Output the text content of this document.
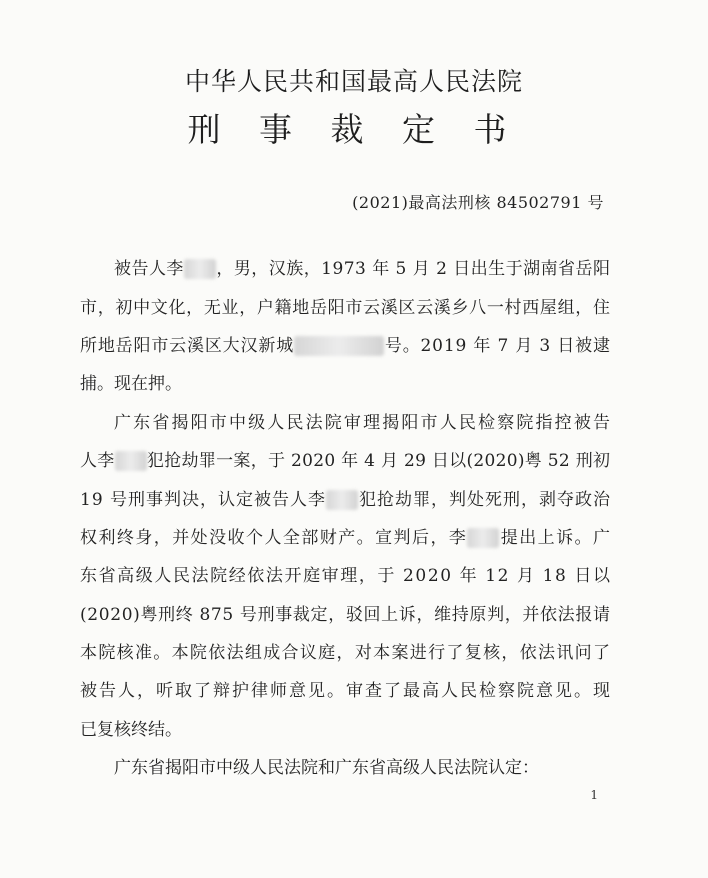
中华人民共和国最高人民法院
刑 事 裁 定 书
(2021)最高法刑核 84502791 号
被告人李 ，男，汉族，1973 年 5 月 2 日出生于湖南省岳阳
市，初中文化，无业，户籍地岳阳市云溪区云溪乡八一村西屋组，住
所地岳阳市云溪区大汉新城	号。2019 年 7 月 3 日被逮
捕。现在押。
广东省揭阳市中级人民法院审理揭阳市人民检察院指控被告
人李 犯抢劫罪一案，于 2020 年 4 月 29 日以(2020)粤 52 刑初
19 号刑事判决，认定被告人李 犯抢劫罪，判处死刑，剥夺政治
权利终身，并处没收个人全部财产。宣判后，李 提出上诉。广
东省高级人民法院经依法开庭审理，于 2020 年 12 月 18 日以
(2020)粤刑终 875 号刑事裁定，驳回上诉，维持原判，并依法报请
本院核准。本院依法组成合议庭，对本案进行了复核，依法讯问了
被告人，听取了辩护律师意见。审查了最高人民检察院意见。现
已复核终结。
广东省揭阳市中级人民法院和广东省高级人民法院认定：
1
